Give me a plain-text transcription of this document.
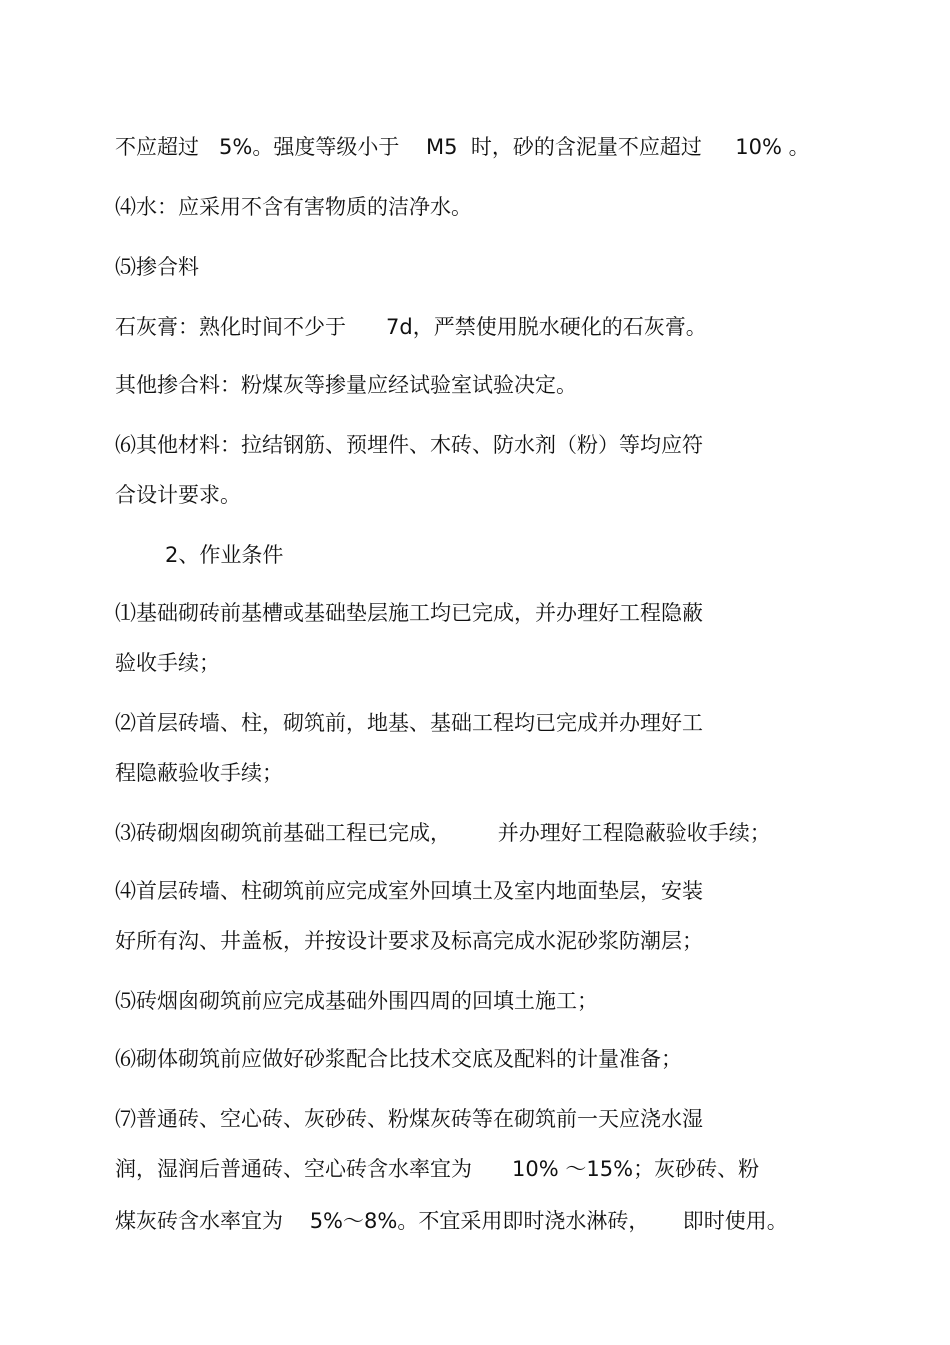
不应超过   5%。强度等级小于    M5  时，砂的含泥量不应超过     10% 。

⑷水：应采用不含有害物质的洁净水。

⑸掺合料

石灰膏：熟化时间不少于      7d，严禁使用脱水硬化的石灰膏。

其他掺合料：粉煤灰等掺量应经试验室试验决定。

⑹其他材料：拉结钢筋、预埋件、木砖、防水剂（粉）等均应符

合设计要求。

2、作业条件

⑴基础砌砖前基槽或基础垫层施工均已完成，并办理好工程隐蔽

验收手续；

⑵首层砖墙、柱，砌筑前，地基、基础工程均已完成并办理好工

程隐蔽验收手续；

⑶砖砌烟囱砌筑前基础工程已完成，       并办理好工程隐蔽验收手续；

⑷首层砖墙、柱砌筑前应完成室外回填土及室内地面垫层，安装

好所有沟、井盖板，并按设计要求及标高完成水泥砂浆防潮层；

⑸砖烟囱砌筑前应完成基础外围四周的回填土施工；

⑹砌体砌筑前应做好砂浆配合比技术交底及配料的计量准备；

⑺普通砖、空心砖、灰砂砖、粉煤灰砖等在砌筑前一天应浇水湿

润，湿润后普通砖、空心砖含水率宜为      10% ～15%；灰砂砖、粉

煤灰砖含水率宜为    5%～8%。不宜采用即时浇水淋砖，     即时使用。
